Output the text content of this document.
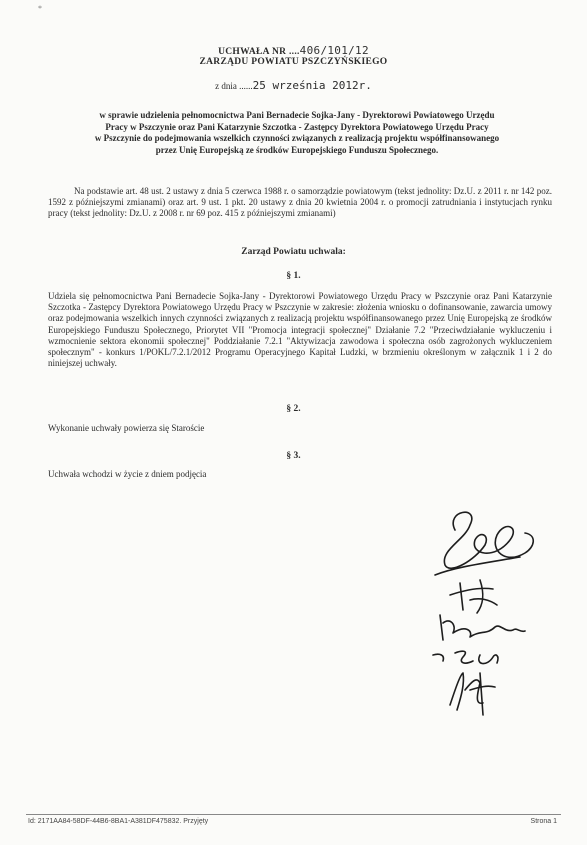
*
UCHWAŁA NR ....406/101/12
ZARZĄDU POWIATU PSZCZYŃSKIEGO
z dnia ......25 września 2012r.
w sprawie udzielenia pełnomocnictwa Pani Bernadecie Sojka-Jany - Dyrektorowi Powiatowego Urzędu
Pracy w Pszczynie oraz Pani Katarzynie Szczotka - Zastępcy Dyrektora Powiatowego Urzędu Pracy
w Pszczynie do podejmowania wszelkich czynności związanych z realizacją projektu współfinansowanego
przez Unię Europejską ze środków Europejskiego Funduszu Społecznego.
Na podstawie art. 48 ust. 2 ustawy z dnia 5 czerwca 1988 r. o samorządzie powiatowym (tekst jednolity: Dz.U. z 2011 r. nr 142 poz. 1592 z późniejszymi zmianami) oraz art. 9 ust. 1 pkt. 20 ustawy z dnia 20 kwietnia 2004 r. o promocji zatrudniania i instytucjach rynku pracy (tekst jednolity: Dz.U. z 2008 r. nr 69 poz. 415 z późniejszymi zmianami)
Zarząd Powiatu uchwala:
§ 1.
Udziela się pełnomocnictwa Pani Bernadecie Sojka-Jany - Dyrektorowi Powiatowego Urzędu Pracy w Pszczynie oraz Pani Katarzynie Szczotka - Zastępcy Dyrektora Powiatowego Urzędu Pracy w Pszczynie w zakresie: złożenia wniosku o dofinansowanie, zawarcia umowy oraz podejmowania wszelkich innych czynności związanych z realizacją projektu współfinansowanego przez Unię Europejską ze środków Europejskiego Funduszu Społecznego, Priorytet VII "Promocja integracji społecznej" Działanie 7.2 "Przeciwdziałanie wykluczeniu i wzmocnienie sektora ekonomii społecznej" Poddziałanie 7.2.1 "Aktywizacja zawodowa i społeczna osób zagrożonych wykluczeniem społecznym" - konkurs 1/POKL/7.2.1/2012 Programu Operacyjnego Kapitał Ludzki, w brzmieniu określonym w załącznik 1 i 2 do niniejszej uchwały.
§ 2.
Wykonanie uchwały powierza się Staroście
§ 3.
Uchwała wchodzi w życie z dniem podjęcia
z. Zec
Id: 2171AA84-58DF-44B6-8BA1-A381DF475832. Przyjęty	Strona 1
